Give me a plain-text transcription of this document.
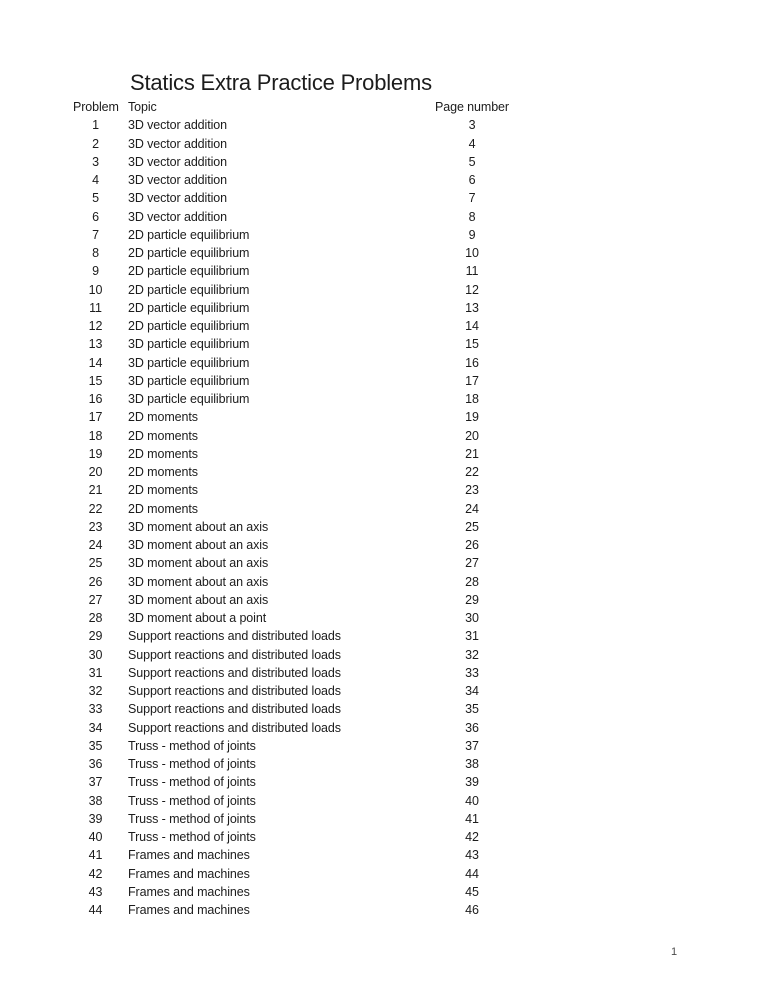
Statics Extra Practice Problems
Problem Topic	Page number
1	3D vector addition	3
2	3D vector addition	4
3	3D vector addition	5
4	3D vector addition	6
5	3D vector addition	7
6	3D vector addition	8
7	2D particle equilibrium	9
8	2D particle equilibrium	10
9	2D particle equilibrium	11
10	2D particle equilibrium	12
11	2D particle equilibrium	13
12	2D particle equilibrium	14
13	3D particle equilibrium	15
14	3D particle equilibrium	16
15	3D particle equilibrium	17
16	3D particle equilibrium	18
17	2D moments	19
18	2D moments	20
19	2D moments	21
20	2D moments	22
21	2D moments	23
22	2D moments	24
23	3D moment about an axis	25
24	3D moment about an axis	26
25	3D moment about an axis	27
26	3D moment about an axis	28
27	3D moment about an axis	29
28	3D moment about a point	30
29	Support reactions and distributed loads	31
30	Support reactions and distributed loads	32
31	Support reactions and distributed loads	33
32	Support reactions and distributed loads	34
33	Support reactions and distributed loads	35
34	Support reactions and distributed loads	36
35	Truss - method of joints	37
36	Truss - method of joints	38
37	Truss - method of joints	39
38	Truss - method of joints	40
39	Truss - method of joints	41
40	Truss - method of joints	42
41	Frames and machines	43
42	Frames and machines	44
43	Frames and machines	45
44	Frames and machines	46
1
